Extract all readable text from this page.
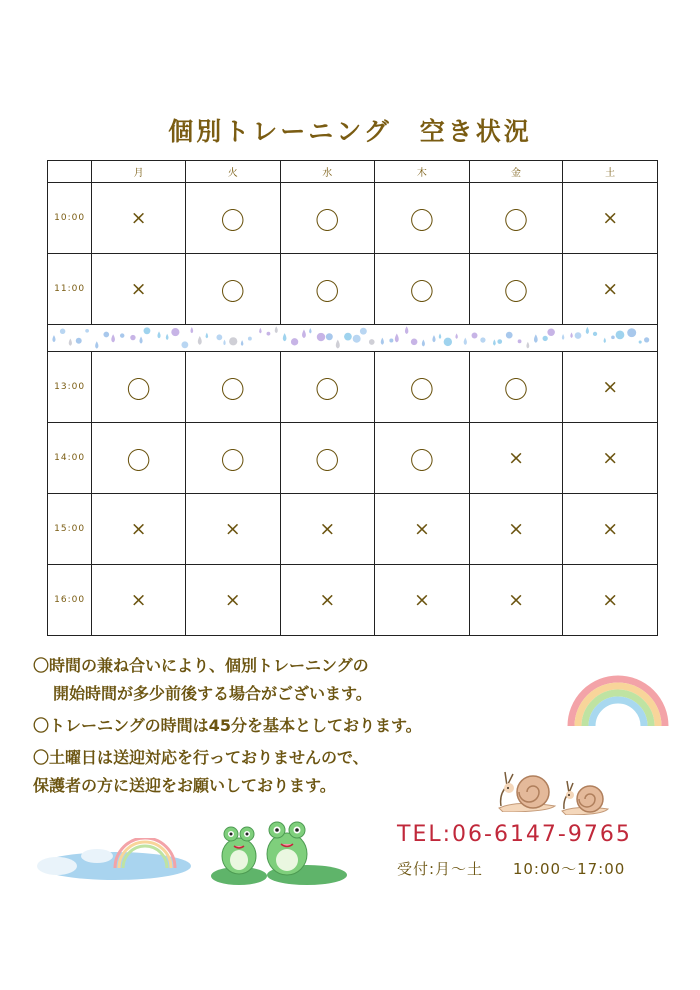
個別トレーニング　空き状況
	月	火	水	木	金	土
10:00	×	〇	〇	〇	〇	×
11:00	×	〇	〇	〇	〇	×

13:00	〇	〇	〇	〇	〇	×
14:00	〇	〇	〇	〇	×	×
15:00	×	×	×	×	×	×
16:00	×	×	×	×	×	×
〇時間の兼ね合いにより、個別トレーニングの
開始時間が多少前後する場合がございます。
〇トレーニングの時間は45分を基本としております。
〇土曜日は送迎対応を行っておりませんので、
保護者の方に送迎をお願いしております。
TEL:06-6147-9765
受付:月～土 10:00～17:00
